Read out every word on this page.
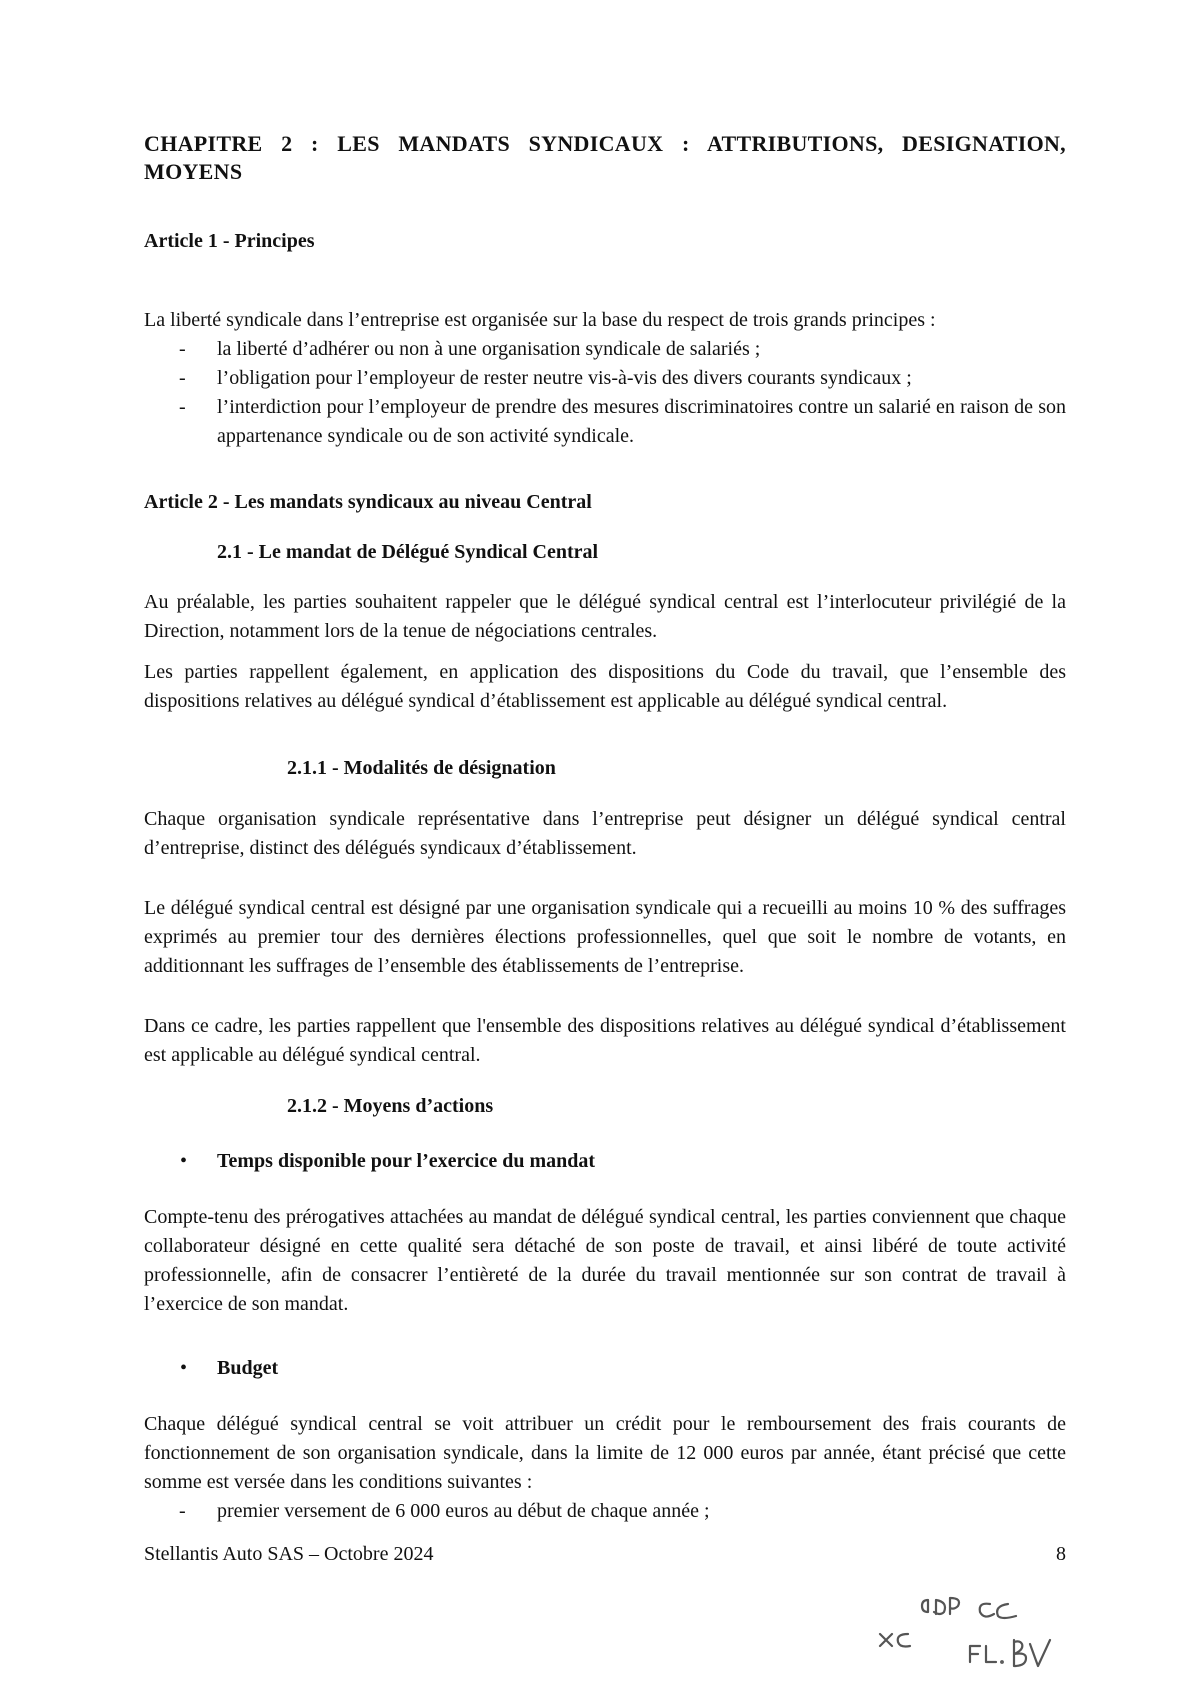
CHAPITRE 2 : LES MANDATS SYNDICAUX : ATTRIBUTIONS, DESIGNATION, MOYENS
Article 1 - Principes

La liberté syndicale dans l’entreprise est organisée sur la base du respect de trois grands principes :

- la liberté d’adhérer ou non à une organisation syndicale de salariés ;
- l’obligation pour l’employeur de rester neutre vis-à-vis des divers courants syndicaux ;
- l’interdiction pour l’employeur de prendre des mesures discriminatoires contre un salarié en raison de son appartenance syndicale ou de son activité syndicale.
Article 2 - Les mandats syndicaux au niveau Central
2.1 - Le mandat de Délégué Syndical Central

Au préalable, les parties souhaitent rappeler que le délégué syndical central est l’interlocuteur privilégié de la Direction, notamment lors de la tenue de négociations centrales.

Les parties rappellent également, en application des dispositions du Code du travail, que l’ensemble des dispositions relatives au délégué syndical d’établissement est applicable au délégué syndical central.

2.1.1 - Modalités de désignation

Chaque organisation syndicale représentative dans l’entreprise peut désigner un délégué syndical central d’entreprise, distinct des délégués syndicaux d’établissement.

Le délégué syndical central est désigné par une organisation syndicale qui a recueilli au moins 10 % des suffrages exprimés au premier tour des dernières élections professionnelles, quel que soit le nombre de votants, en additionnant les suffrages de l’ensemble des établissements de l’entreprise.

Dans ce cadre, les parties rappellent que l'ensemble des dispositions relatives au délégué syndical d’établissement est applicable au délégué syndical central.

2.1.2 - Moyens d’actions
• Temps disponible pour l’exercice du mandat

Compte-tenu des prérogatives attachées au mandat de délégué syndical central, les parties conviennent que chaque collaborateur désigné en cette qualité sera détaché de son poste de travail, et ainsi libéré de toute activité professionnelle, afin de consacrer l’entièreté de la durée du travail mentionnée sur son contrat de travail à l’exercice de son mandat.

• Budget

Chaque délégué syndical central se voit attribuer un crédit pour le remboursement des frais courants de fonctionnement de son organisation syndicale, dans la limite de 12 000 euros par année, étant précisé que cette somme est versée dans les conditions suivantes :

- premier versement de 6 000 euros au début de chaque année ;
Stellantis Auto SAS – Octobre 2024	8
